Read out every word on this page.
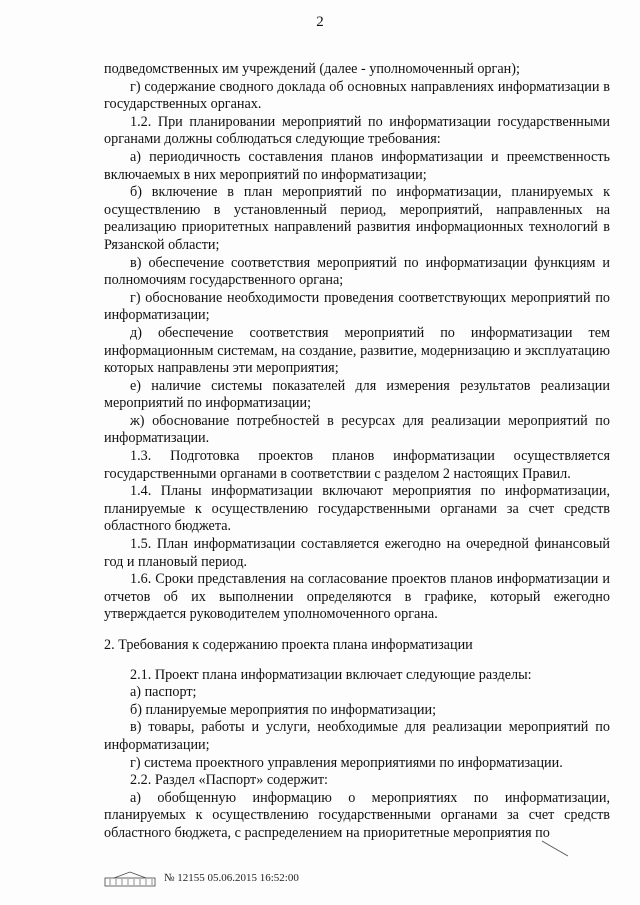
2
подведомственных им учреждений (далее - уполномоченный орган);
г) содержание сводного доклада об основных направлениях информатизации в государственных органах.
1.2. При планировании мероприятий по информатизации государственными органами должны соблюдаться следующие требования:
а) периодичность составления планов информатизации и преемственность включаемых в них мероприятий по информатизации;
б) включение в план мероприятий по информатизации, планируемых к осуществлению в установленный период, мероприятий, направленных на реализацию приоритетных направлений развития информационных технологий в Рязанской области;
в) обеспечение соответствия мероприятий по информатизации функциям и полномочиям государственного органа;
г) обоснование необходимости проведения соответствующих мероприятий по информатизации;
д) обеспечение соответствия мероприятий по информатизации тем информационным системам, на создание, развитие, модернизацию и эксплуатацию которых направлены эти мероприятия;
е) наличие системы показателей для измерения результатов реализации мероприятий по информатизации;
ж) обоснование потребностей в ресурсах для реализации мероприятий по информатизации.
1.3. Подготовка проектов планов информатизации осуществляется государственными органами в соответствии с разделом 2 настоящих Правил.
1.4. Планы информатизации включают мероприятия по информатизации, планируемые к осуществлению государственными органами за счет средств областного бюджета.
1.5. План информатизации составляется ежегодно на очередной финансовый год и плановый период.
1.6. Сроки представления на согласование проектов планов информатизации и отчетов об их выполнении определяются в графике, который ежегодно утверждается руководителем уполномоченного органа.
2. Требования к содержанию проекта плана информатизации
2.1. Проект плана информатизации включает следующие разделы:
а) паспорт;
б) планируемые мероприятия по информатизации;
в) товары, работы и услуги, необходимые для реализации мероприятий по информатизации;
г) система проектного управления мероприятиями по информатизации.
2.2. Раздел «Паспорт» содержит:
а) обобщенную информацию о мероприятиях по информатизации, планируемых к осуществлению государственными органами за счет средств областного бюджета, с распределением на приоритетные мероприятия по
№ 12155 05.06.2015 16:52:00
